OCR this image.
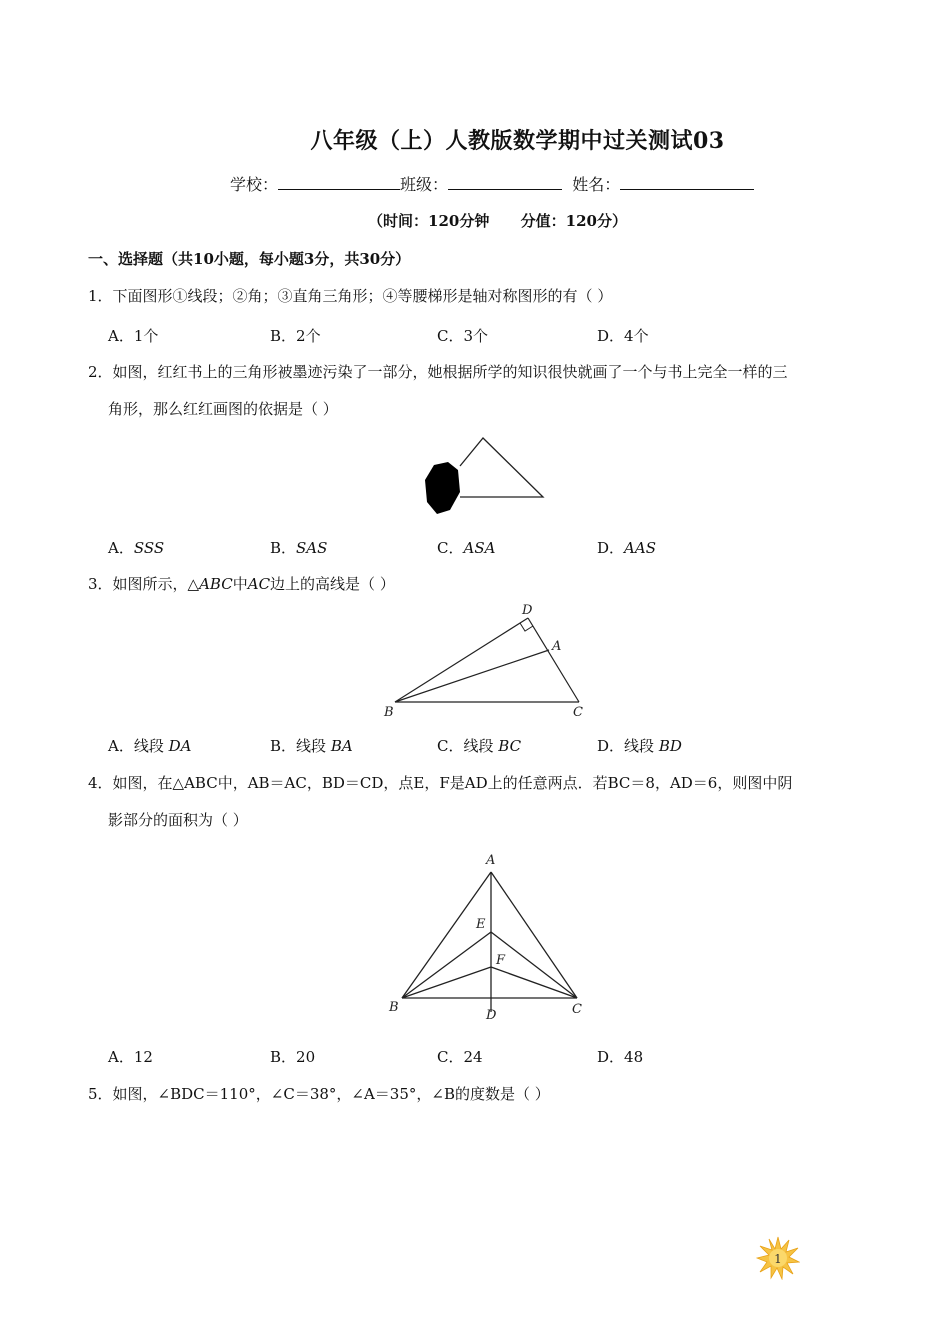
八年级（上）人教版数学期中过关测试03
学校：	班级：	姓名：
（时间：120分钟      分值：120分）
一、选择题（共10小题，每小题3分，共30分）
1．下面图形①线段；②角；③直角三角形；④等腰梯形是轴对称图形的有（ ）
A．1个	B．2个	C．3个	D．4个
2．如图，红红书上的三角形被墨迹污染了一部分，她根据所学的知识很快就画了一个与书上完全一样的三
角形，那么红红画图的依据是（ ）
A．SSS	B．SAS	C．ASA	D．AAS
3．如图所示，△ABC中AC边上的高线是（ ）
D
A
B	C
A．线段 DA	B．线段 BA	C．线段 BC	D．线段 BD
4．如图，在△ABC中，AB＝AC，BD＝CD，点E，F是AD上的任意两点．若BC＝8，AD＝6，则图中阴
影部分的面积为（ ）
A
E
F
B
D	C
A．12	B．20	C．24	D．48
5．如图，∠BDC＝110°，∠C＝38°，∠A＝35°，∠B的度数是（ ）
1
